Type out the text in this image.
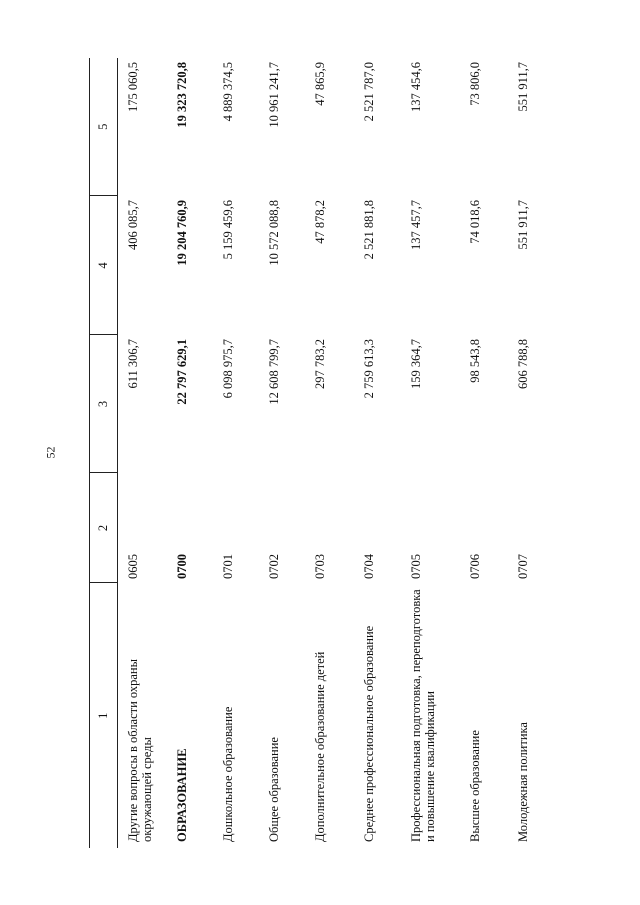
52
1	2	3	4	5
Другие вопросы в области охраны окружающей среды	0605	611 306,7	406 085,7	175 060,5
ОБРАЗОВАНИЕ	0700	22 797 629,1	19 204 760,9	19 323 720,8
Дошкольное образование	0701	6 098 975,7	5 159 459,6	4 889 374,5
Общее образование	0702	12 608 799,7	10 572 088,8	10 961 241,7
Дополнительное образование детей	0703	297 783,2	47 878,2	47 865,9
Среднее профессиональное образование	0704	2 759 613,3	2 521 881,8	2 521 787,0
Профессиональная подготовка, переподготовка и повышение квалификации	0705	159 364,7	137 457,7	137 454,6
Высшее образование	0706	98 543,8	74 018,6	73 806,0
Молодежная политика	0707	606 788,8	551 911,7	551 911,7
